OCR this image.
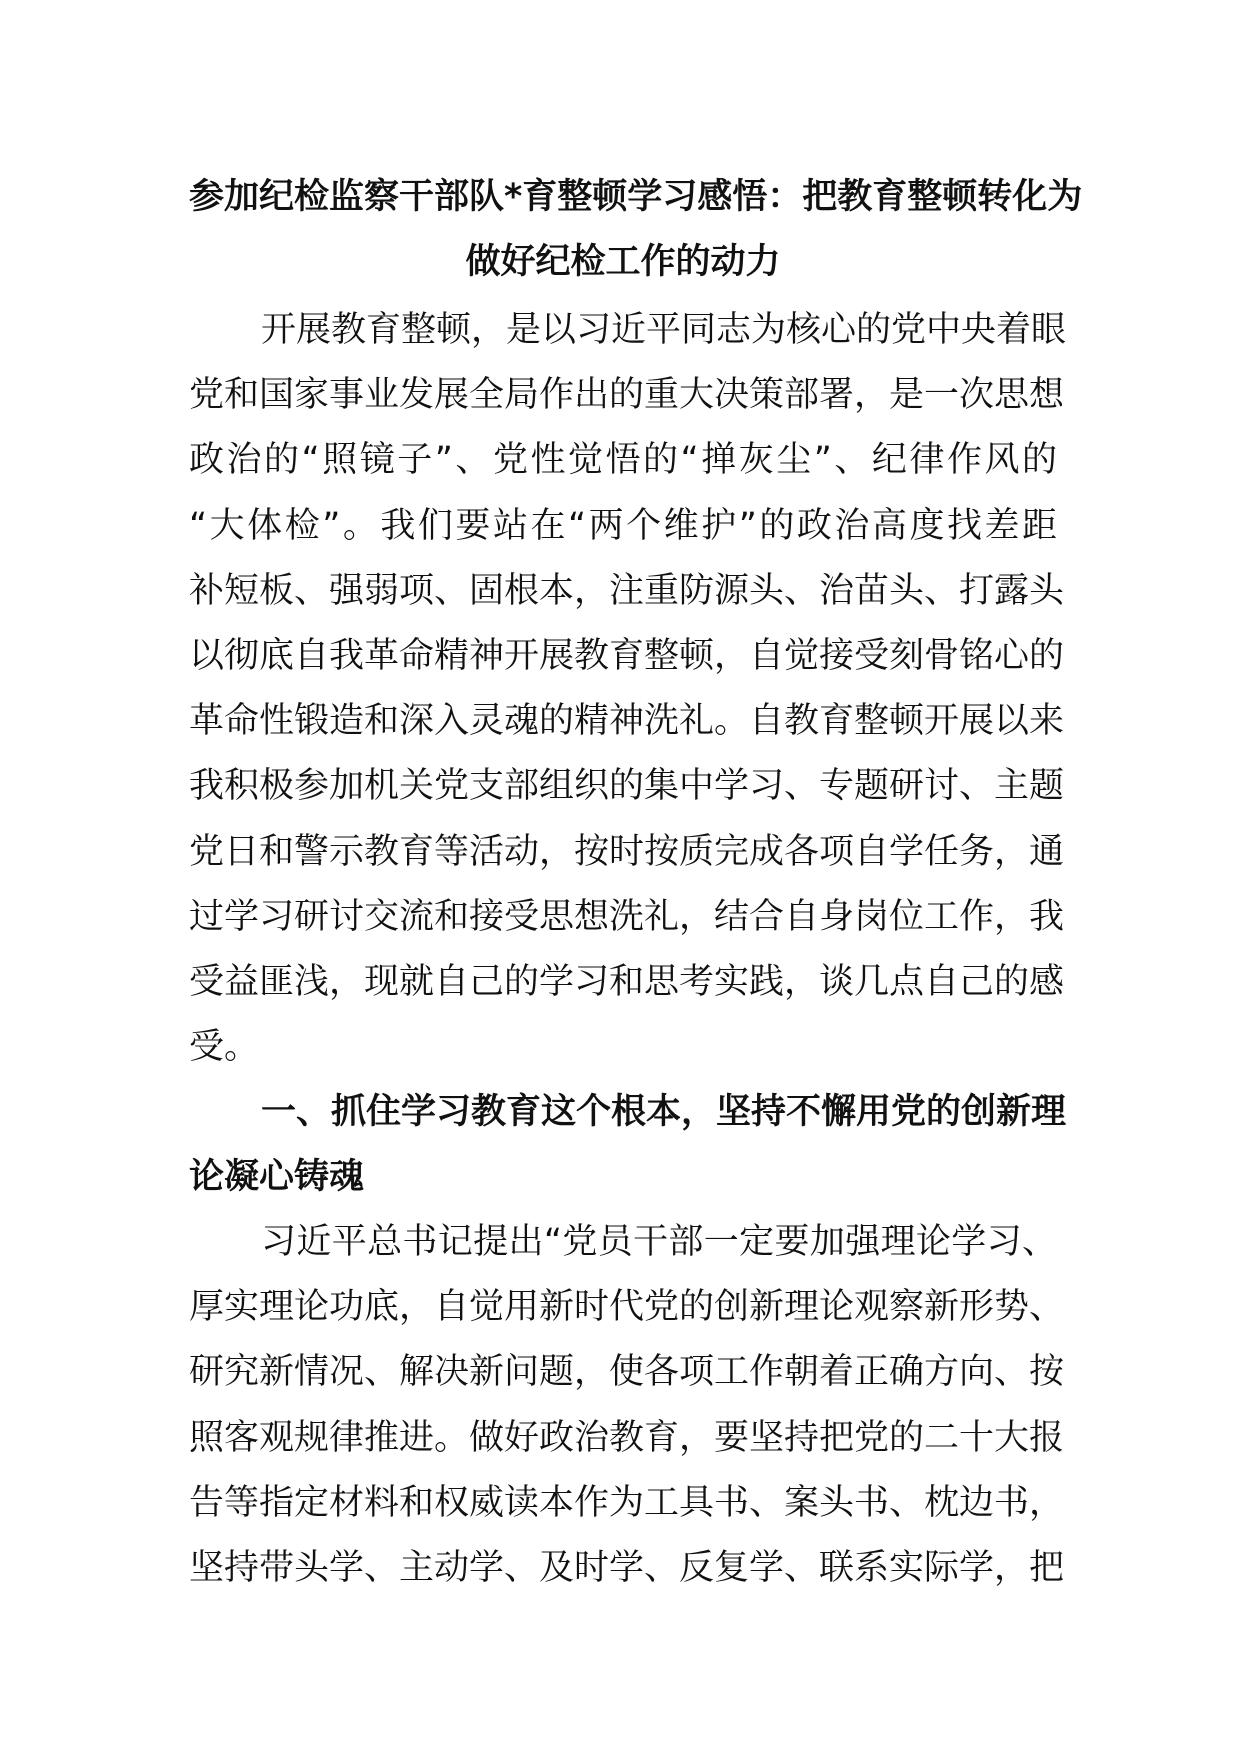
参加纪检监察干部队*育整顿学习感悟：把教育整顿转化为
做好纪检工作的动力
开展教育整顿，是以习近平同志为核心的党中央着眼
党和国家事业发展全局作出的重大决策部署，是一次思想
政治的“照镜子”、党性觉悟的“掸灰尘”、纪律作风的
“大体检”。我们要站在“两个维护”的政治高度找差距
补短板、强弱项、固根本，注重防源头、治苗头、打露头
以彻底自我革命精神开展教育整顿，自觉接受刻骨铭心的
革命性锻造和深入灵魂的精神洗礼。自教育整顿开展以来
我积极参加机关党支部组织的集中学习、专题研讨、主题
党日和警示教育等活动，按时按质完成各项自学任务，通
过学习研讨交流和接受思想洗礼，结合自身岗位工作，我
受益匪浅，现就自己的学习和思考实践，谈几点自己的感
受。
一、抓住学习教育这个根本，坚持不懈用党的创新理
论凝心铸魂
习近平总书记提出“党员干部一定要加强理论学习、
厚实理论功底，自觉用新时代党的创新理论观察新形势、
研究新情况、解决新问题，使各项工作朝着正确方向、按
照客观规律推进。做好政治教育，要坚持把党的二十大报
告等指定材料和权威读本作为工具书、案头书、枕边书，
坚持带头学、主动学、及时学、反复学、联系实际学，把
